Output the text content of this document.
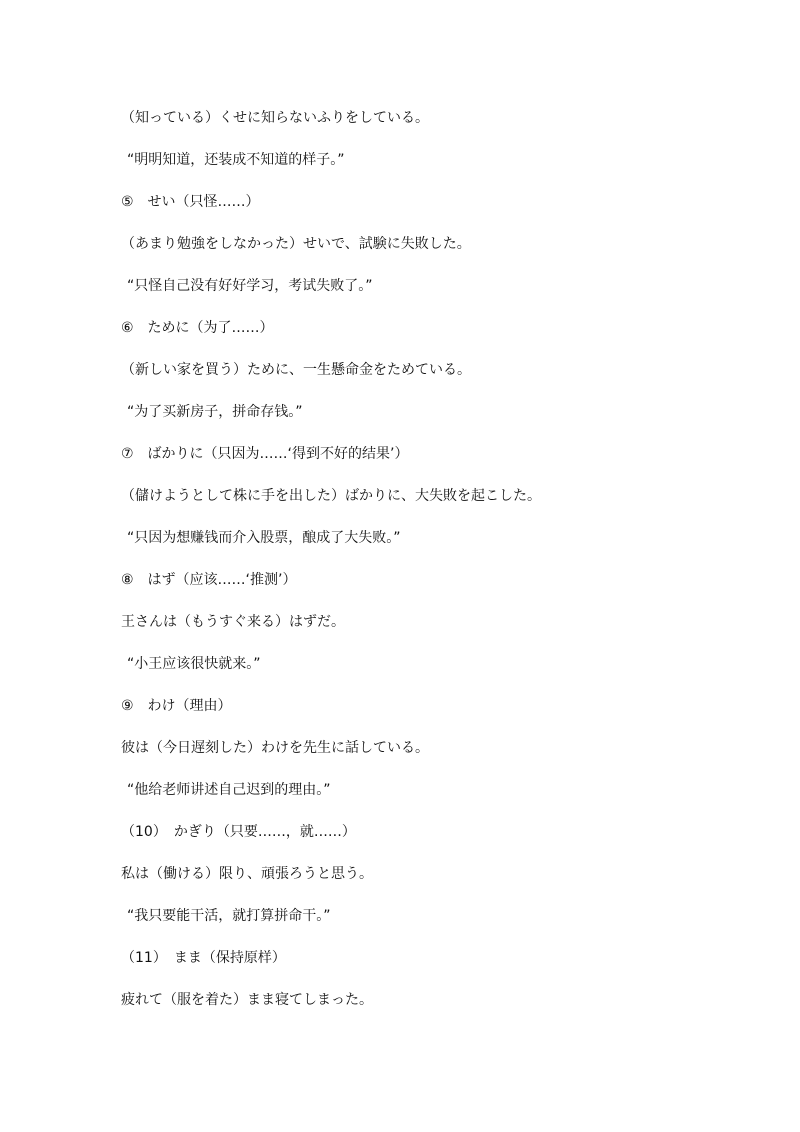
（知っている）くせに知らないふりをしている。
“明明知道，还装成不知道的样子。”
⑤　せい（只怪……）
（あまり勉強をしなかった）せいで、試験に失敗した。
“只怪自己没有好好学习，考试失败了。”
⑥　ために（为了……）
（新しい家を買う）ために、一生懸命金をためている。
“为了买新房子，拼命存钱。”
⑦　ばかりに（只因为……‘得到不好的结果’）
（儲けようとして株に手を出した）ばかりに、大失敗を起こした。
“只因为想赚钱而介入股票，酿成了大失败。”
⑧　はず（应该……‘推测’）
王さんは（もうすぐ来る）はずだ。
“小王应该很快就来。”
⑨　わけ（理由）
彼は（今日遅刻した）わけを先生に話している。
“他给老师讲述自己迟到的理由。”
（10）　かぎり（只要……，就……）
私は（働ける）限り、頑張ろうと思う。
“我只要能干活，就打算拼命干。”
（11）　まま（保持原样）
疲れて（服を着た）まま寝てしまった。
